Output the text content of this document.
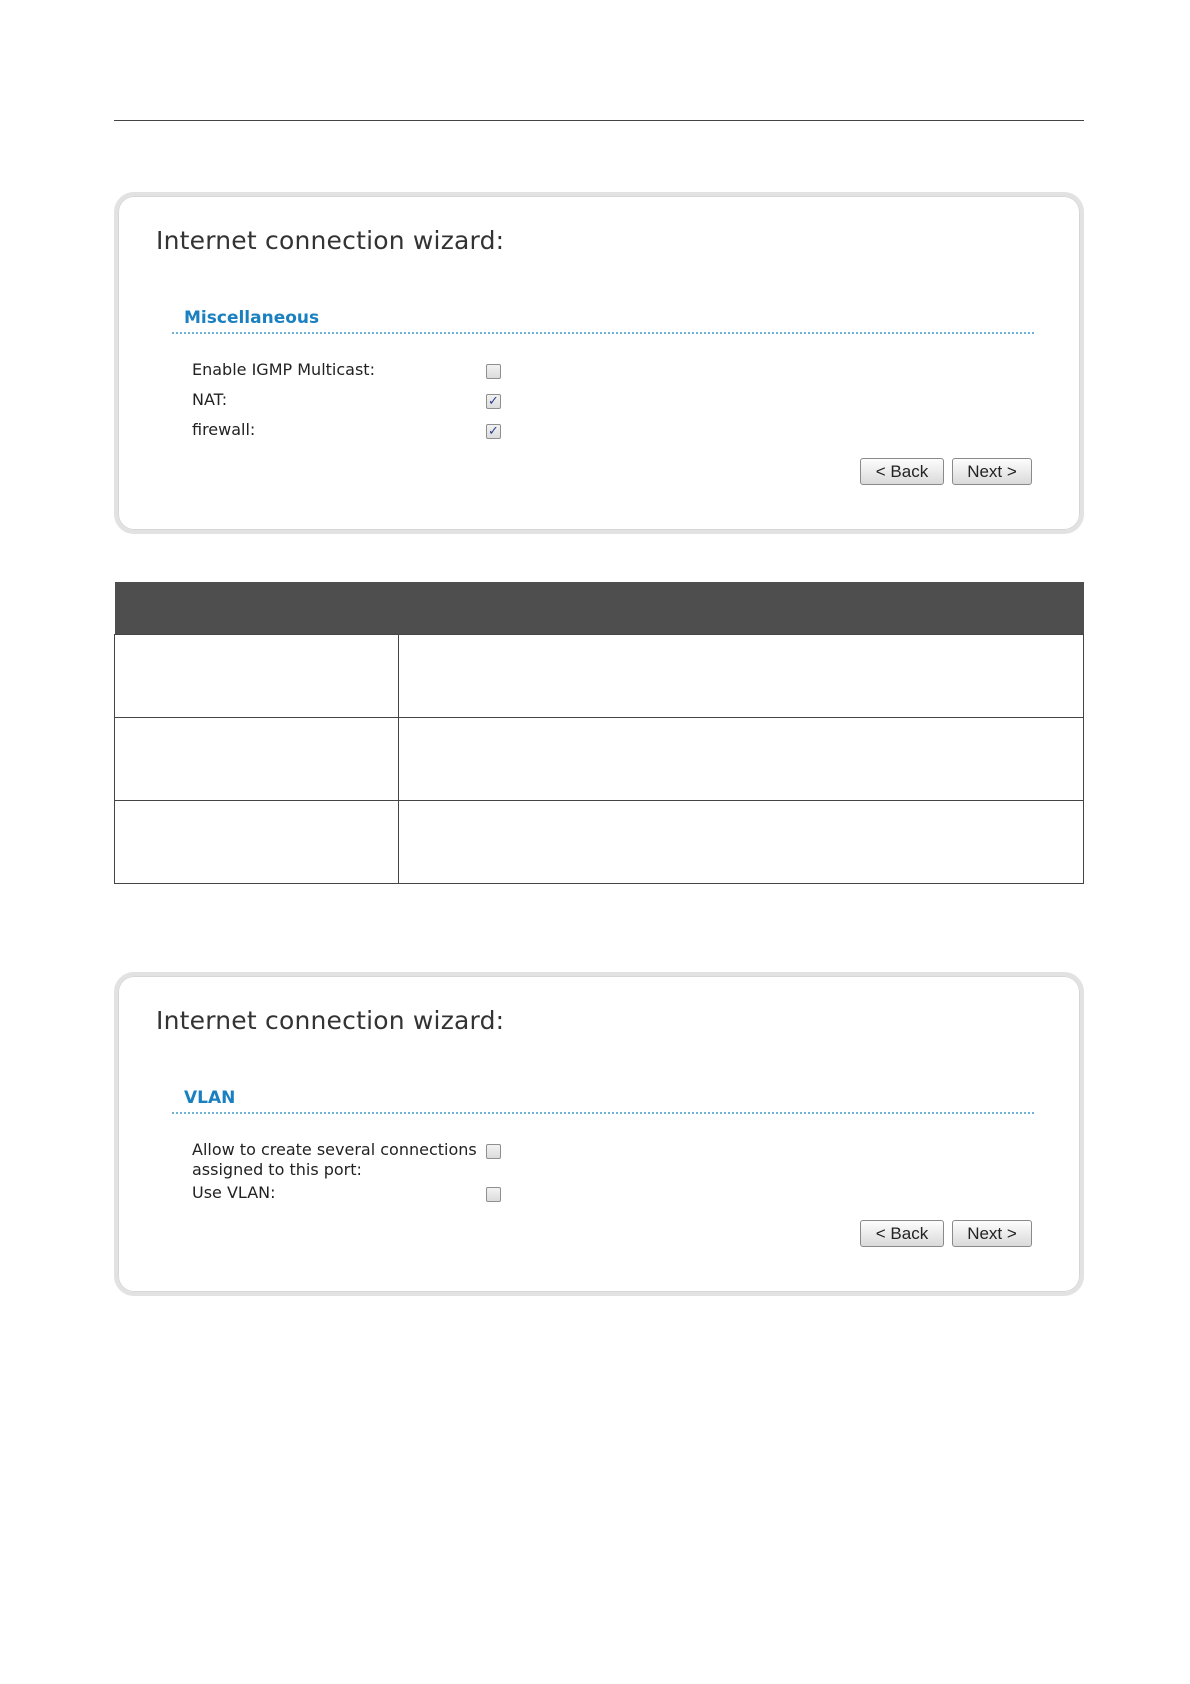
Internet connection wizard:
Miscellaneous
Enable IGMP Multicast:
NAT:	✓
firewall:	✓
< Back	Next >

Internet connection wizard:
VLAN
Allow to create several connections
assigned to this port:
Use VLAN:
< Back	Next >
